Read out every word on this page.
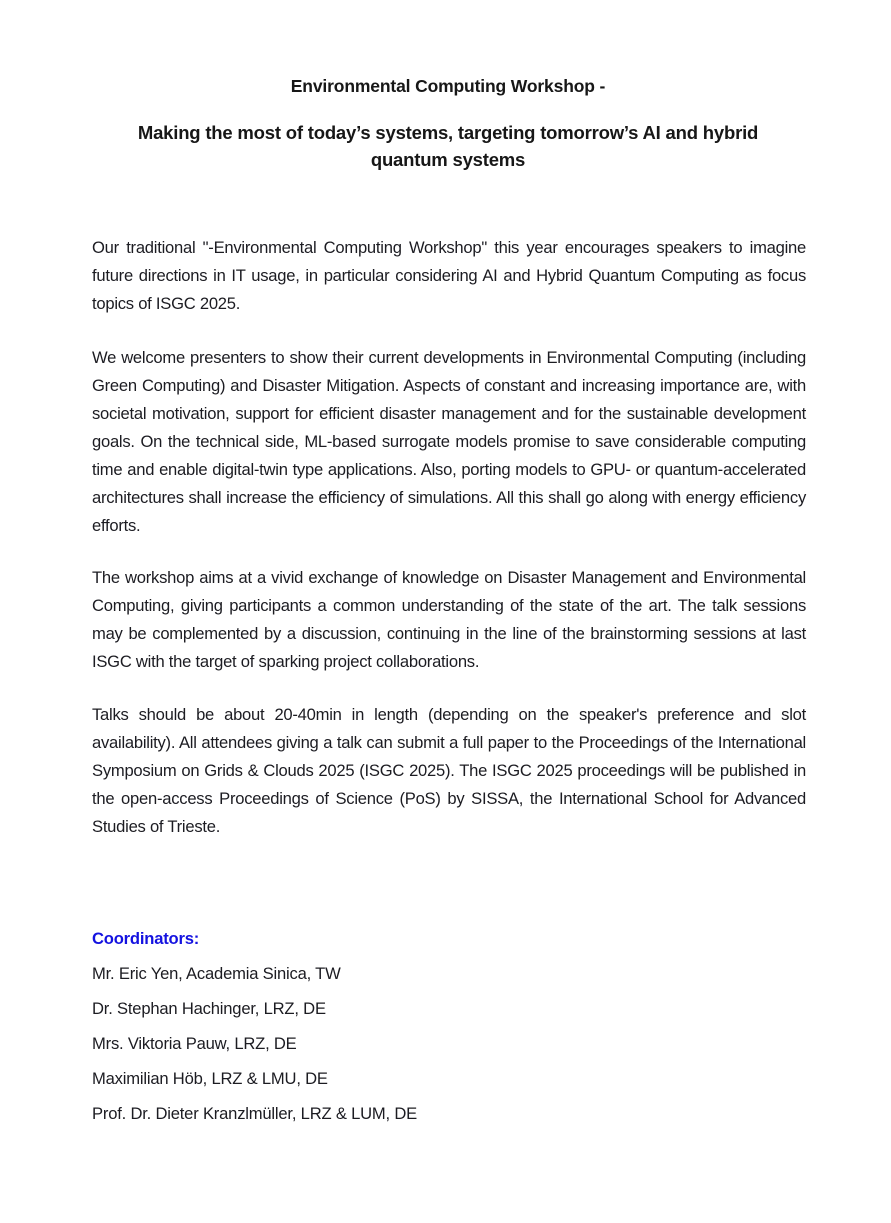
Environmental Computing Workshop -
Making the most of today’s systems, targeting tomorrow’s AI and hybrid quantum systems

Our traditional "-Environmental Computing Workshop" this year encourages speakers to imagine future directions in IT usage, in particular considering AI and Hybrid Quantum Computing as focus topics of ISGC 2025.

We welcome presenters to show their current developments in Environmental Computing (including Green Computing) and Disaster Mitigation. Aspects of constant and increasing importance are, with societal motivation, support for efficient disaster management and for the sustainable development goals. On the technical side, ML-based surrogate models promise to save considerable computing time and enable digital-twin type applications. Also, porting models to GPU- or quantum-accelerated architectures shall increase the efficiency of simulations. All this shall go along with energy efficiency efforts.

The workshop aims at a vivid exchange of knowledge on Disaster Management and Environmental Computing, giving participants a common understanding of the state of the art. The talk sessions may be complemented by a discussion, continuing in the line of the brainstorming sessions at last ISGC with the target of sparking project collaborations.

Talks should be about 20-40min in length (depending on the speaker's preference and slot availability). All attendees giving a talk can submit a full paper to the Proceedings of the International Symposium on Grids & Clouds 2025 (ISGC 2025). The ISGC 2025 proceedings will be published in the open-access Proceedings of Science (PoS) by SISSA, the International School for Advanced Studies of Trieste.

Coordinators:
Mr. Eric Yen, Academia Sinica, TW
Dr. Stephan Hachinger, LRZ, DE
Mrs. Viktoria Pauw, LRZ, DE
Maximilian Höb, LRZ & LMU, DE
Prof. Dr. Dieter Kranzlmüller, LRZ & LUM, DE
